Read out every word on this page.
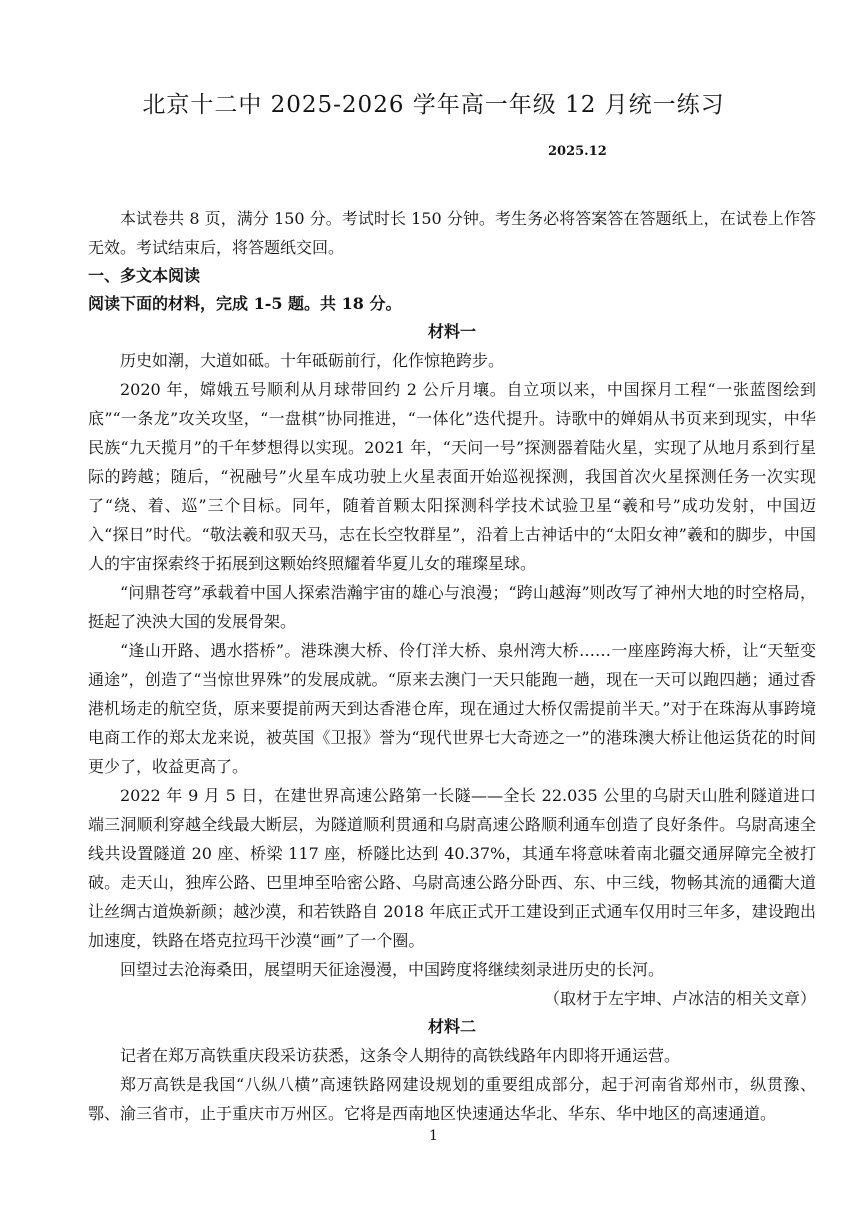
北京十二中 2025-2026 学年高一年级 12 月统一练习
2025.12

本试卷共 8 页，满分 150 分。考试时长 150 分钟。考生务必将答案答在答题纸上，在试卷上作答无效。考试结束后，将答题纸交回。

一、多文本阅读

阅读下面的材料，完成 1-5 题。共 18 分。

材料一

历史如潮，大道如砥。十年砥砺前行，化作惊艳跨步。

2020 年，嫦娥五号顺利从月球带回约 2 公斤月壤。自立项以来，中国探月工程“一张蓝图绘到底”“一条龙”攻关攻坚，“一盘棋”协同推进，“一体化”迭代提升。诗歌中的婵娟从书页来到现实，中华民族“九天揽月”的千年梦想得以实现。2021 年，“天问一号”探测器着陆火星，实现了从地月系到行星际的跨越；随后，“祝融号”火星车成功驶上火星表面开始巡视探测，我国首次火星探测任务一次实现了“绕、着、巡”三个目标。同年，随着首颗太阳探测科学技术试验卫星“羲和号”成功发射，中国迈入“探日”时代。“敬法羲和驭天马，志在长空牧群星”，沿着上古神话中的“太阳女神”羲和的脚步，中国人的宇宙探索终于拓展到这颗始终照耀着华夏儿女的璀璨星球。

“问鼎苍穹”承载着中国人探索浩瀚宇宙的雄心与浪漫；“跨山越海”则改写了神州大地的时空格局，挺起了泱泱大国的发展骨架。

“逢山开路、遇水搭桥”。港珠澳大桥、伶仃洋大桥、泉州湾大桥……一座座跨海大桥，让“天堑变通途”，创造了“当惊世界殊”的发展成就。“原来去澳门一天只能跑一趟，现在一天可以跑四趟；通过香港机场走的航空货，原来要提前两天到达香港仓库，现在通过大桥仅需提前半天。”对于在珠海从事跨境电商工作的郑太龙来说，被英国《卫报》誉为“现代世界七大奇迹之一”的港珠澳大桥让他运货花的时间更少了，收益更高了。

2022 年 9 月 5 日，在建世界高速公路第一长隧——全长 22.035 公里的乌尉天山胜利隧道进口端三洞顺利穿越全线最大断层，为隧道顺利贯通和乌尉高速公路顺利通车创造了良好条件。乌尉高速全线共设置隧道 20 座、桥梁 117 座，桥隧比达到 40.37%，其通车将意味着南北疆交通屏障完全被打破。走天山，独库公路、巴里坤至哈密公路、乌尉高速公路分卧西、东、中三线，物畅其流的通衢大道让丝绸古道焕新颜；越沙漠，和若铁路自 2018 年底正式开工建设到正式通车仅用时三年多，建设跑出加速度，铁路在塔克拉玛干沙漠“画”了一个圈。

回望过去沧海桑田，展望明天征途漫漫，中国跨度将继续刻录进历史的长河。

（取材于左宇坤、卢冰洁的相关文章）

材料二

记者在郑万高铁重庆段采访获悉，这条令人期待的高铁线路年内即将开通运营。

郑万高铁是我国“八纵八横”高速铁路网建设规划的重要组成部分，起于河南省郑州市，纵贯豫、鄂、渝三省市，止于重庆市万州区。它将是西南地区快速通达华北、华东、华中地区的高速通道。

1
